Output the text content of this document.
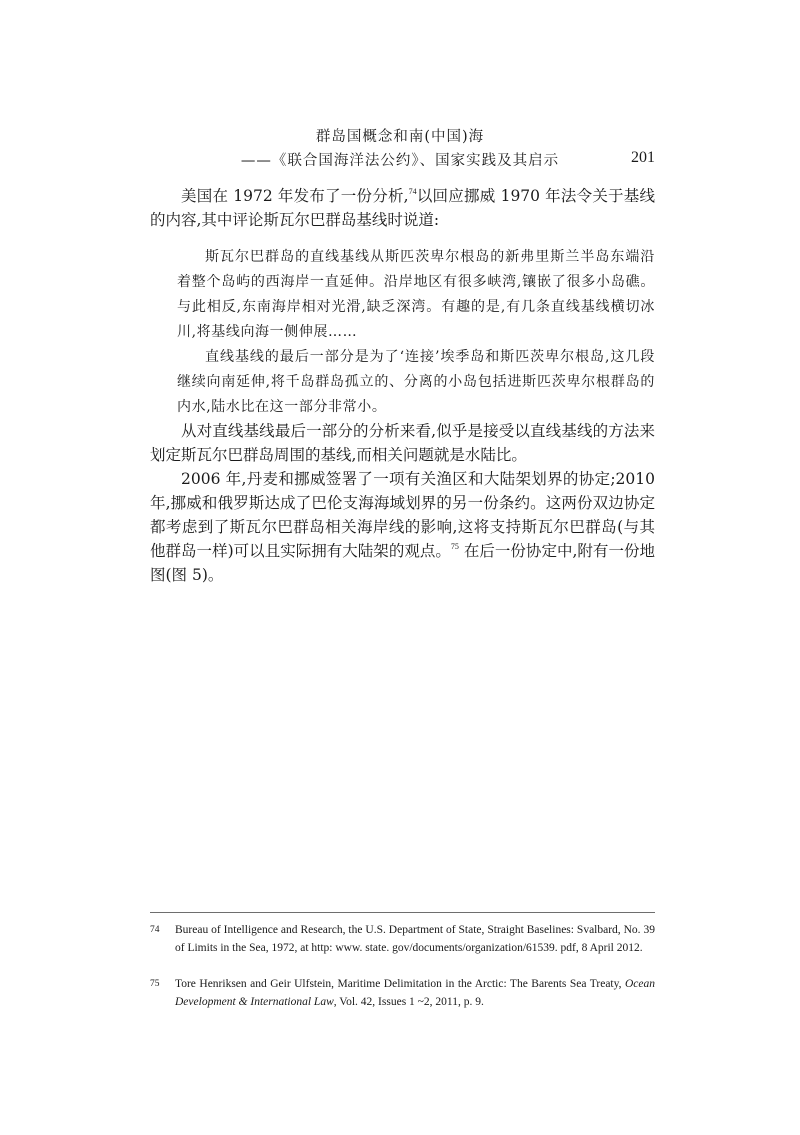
群岛国概念和南(中国)海
——《联合国海洋法公约》、国家实践及其启示	201

美国在 1972 年发布了一份分析,$^{74}$以回应挪威 1970 年法令关于基线的内容,其中评论斯瓦尔巴群岛基线时说道:

斯瓦尔巴群岛的直线基线从斯匹茨卑尔根岛的新弗里斯兰半岛东端沿着整个岛屿的西海岸一直延伸。沿岸地区有很多峡湾,镶嵌了很多小岛礁。与此相反,东南海岸相对光滑,缺乏深湾。有趣的是,有几条直线基线横切冰川,将基线向海一侧伸展……

直线基线的最后一部分是为了‘连接’埃季岛和斯匹茨卑尔根岛,这几段继续向南延伸,将千岛群岛孤立的、分离的小岛包括进斯匹茨卑尔根群岛的内水,陆水比在这一部分非常小。

从对直线基线最后一部分的分析来看,似乎是接受以直线基线的方法来划定斯瓦尔巴群岛周围的基线,而相关问题就是水陆比。

2006 年,丹麦和挪威签署了一项有关渔区和大陆架划界的协定;2010 年,挪威和俄罗斯达成了巴伦支海海域划界的另一份条约。这两份双边协定都考虑到了斯瓦尔巴群岛相关海岸线的影响,这将支持斯瓦尔巴群岛(与其他群岛一样)可以且实际拥有大陆架的观点。$^{75}$ 在后一份协定中,附有一份地图(图 5)。

74 Bureau of Intelligence and Research, the U.S. Department of State, Straight Baselines: Svalbard, No. 39 of Limits in the Sea, 1972, at http: www. state. gov/documents/organization/61539. pdf, 8 April 2012.
75 Tore Henriksen and Geir Ulfstein, Maritime Delimitation in the Arctic: The Barents Sea Treaty, Ocean Development & International Law, Vol. 42, Issues 1 ~2, 2011, p. 9.
